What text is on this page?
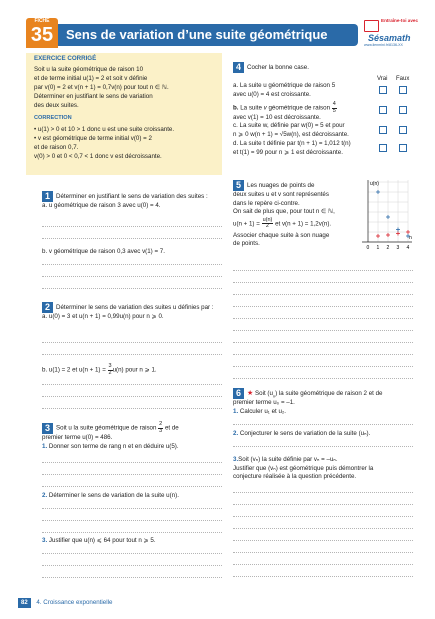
FICHE
35 Sens de variation d’une suite géométrique
Entraîne-toi avec
Sésamath
www.lienmini.fr/8136-XX
EXERCICE CORRIGÉ
Soit u la suite géométrique de raison 10
et de terme initial u(1) = 2 et soit v définie
par v(0) = 2 et v(n + 1) = 0,7v(n) pour tout n ∈ ℕ.
Déterminer en justifiant le sens de variation
des deux suites.
CORRECTION
• u(1) > 0 et 10 > 1 donc u est une suite croissante.
• v est géométrique de terme initial v(0) = 2
et de raison 0,7.
v(0) > 0 et 0 < 0,7 < 1 donc v est décroissante.
4 Cocher la bonne case.
Vrai Faux
a. La suite u géométrique de raison 5
avec u(0) = 4 est croissante.
b. La suite v géométrique de raison $\frac{4}{5}$
avec v(1) = 10 est décroissante.
c. La suite w, définie par w(0) = 5 et pour
n ⩾ 0 w(n + 1) = √5w(n), est décroissante.
d. La suite t définie par t(n + 1) = 1,012 t(n)
et t(1) = 99 pour n ⩾ 1 est décroissante.
1 Déterminer en justifiant le sens de variation des suites :
a. u géométrique de raison 3 avec u(0) = 4.
b. v géométrique de raison 0,3 avec v(1) = 7.
2 Déterminer le sens de variation des suites u définies par :
a. u(0) = 3 et u(n + 1) = 0,99u(n) pour n ⩾ 0.
b. u(1) = 2 et $u(n + 1) = \frac{3}{2} u(n)$ pour n ⩾ 1.
3 Soit u la suite géométrique de raison $\frac{2}{3}$ et de
premier terme u(0) = 486.
1. Donner son terme de rang n et en déduire u(5).
2. Déterminer le sens de variation de la suite u(n).
3. Justifier que u(n) ⩽ 64 pour tout n ⩾ 5.
5 Les nuages de points de
deux suites u et v sont représentés
dans le repère ci-contre.
On sait de plus que, pour tout n ∈ ℕ,
$u(n + 1) = \frac{u(n)}{2}$ et v(n + 1) = 1,2v(n).
Associer chaque suite à son nuage
de points.
u(n)
n
0 1 2 3 4
6 ★ Soit $(u_n)$ la suite géométrique de raison 2 et de
premier terme u₀ = –1.
1. Calculer u₁ et u₂.
2. Conjecturer le sens de variation de la suite (uₙ).
3.Soit (vₙ) la suite définie par vₙ = –uₙ.
Justifier que (vₙ) est géométrique puis démontrer la
conjecture réalisée à la question précédente.
82 4. Croissance exponentielle
